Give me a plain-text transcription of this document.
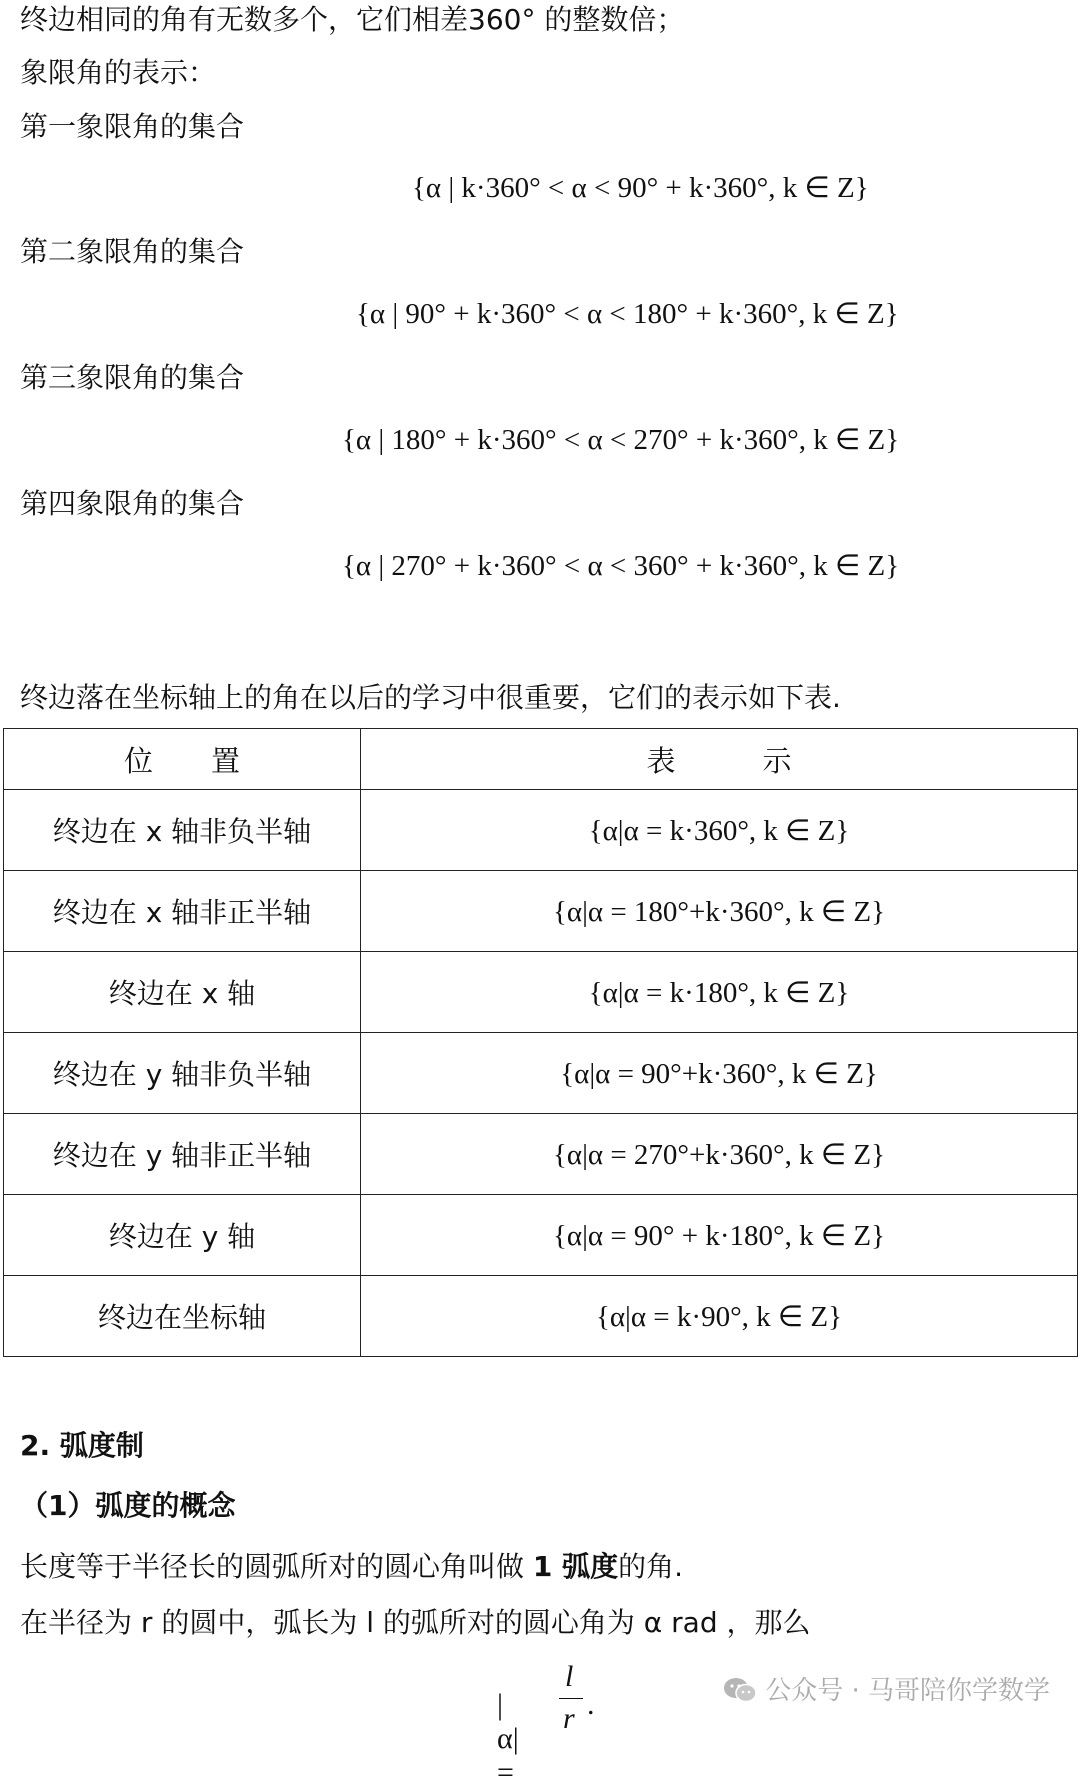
终边相同的角有无数多个，它们相差360° 的整数倍；
象限角的表示：
第一象限角的集合
{α | k·360° < α < 90° + k·360°, k ∈ Z}
第二象限角的集合
{α | 90° + k·360° < α < 180° + k·360°, k ∈ Z}
第三象限角的集合
{α | 180° + k·360° < α < 270° + k·360°, k ∈ Z}
第四象限角的集合
{α | 270° + k·360° < α < 360° + k·360°, k ∈ Z}
终边落在坐标轴上的角在以后的学习中很重要，它们的表示如下表.
位　　置	表　　　示
终边在 x 轴非负半轴	{α|α = k·360°, k ∈ Z}
终边在 x 轴非正半轴	{α|α = 180°+k·360°, k ∈ Z}
终边在 x 轴	{α|α = k·180°, k ∈ Z}
终边在 y 轴非负半轴	{α|α = 90°+k·360°, k ∈ Z}
终边在 y 轴非正半轴	{α|α = 270°+k·360°, k ∈ Z}
终边在 y 轴	{α|α = 90° + k·180°, k ∈ Z}
终边在坐标轴	{α|α = k·90°, k ∈ Z}
2. 弧度制
（1）弧度的概念
长度等于半径长的圆弧所对的圆心角叫做 1 弧度的角.
在半径为 r 的圆中，弧长为 l 的弧所对的圆心角为 α rad ，那么
|α| =
l
r .	公众号 · 马哥陪你学数学
